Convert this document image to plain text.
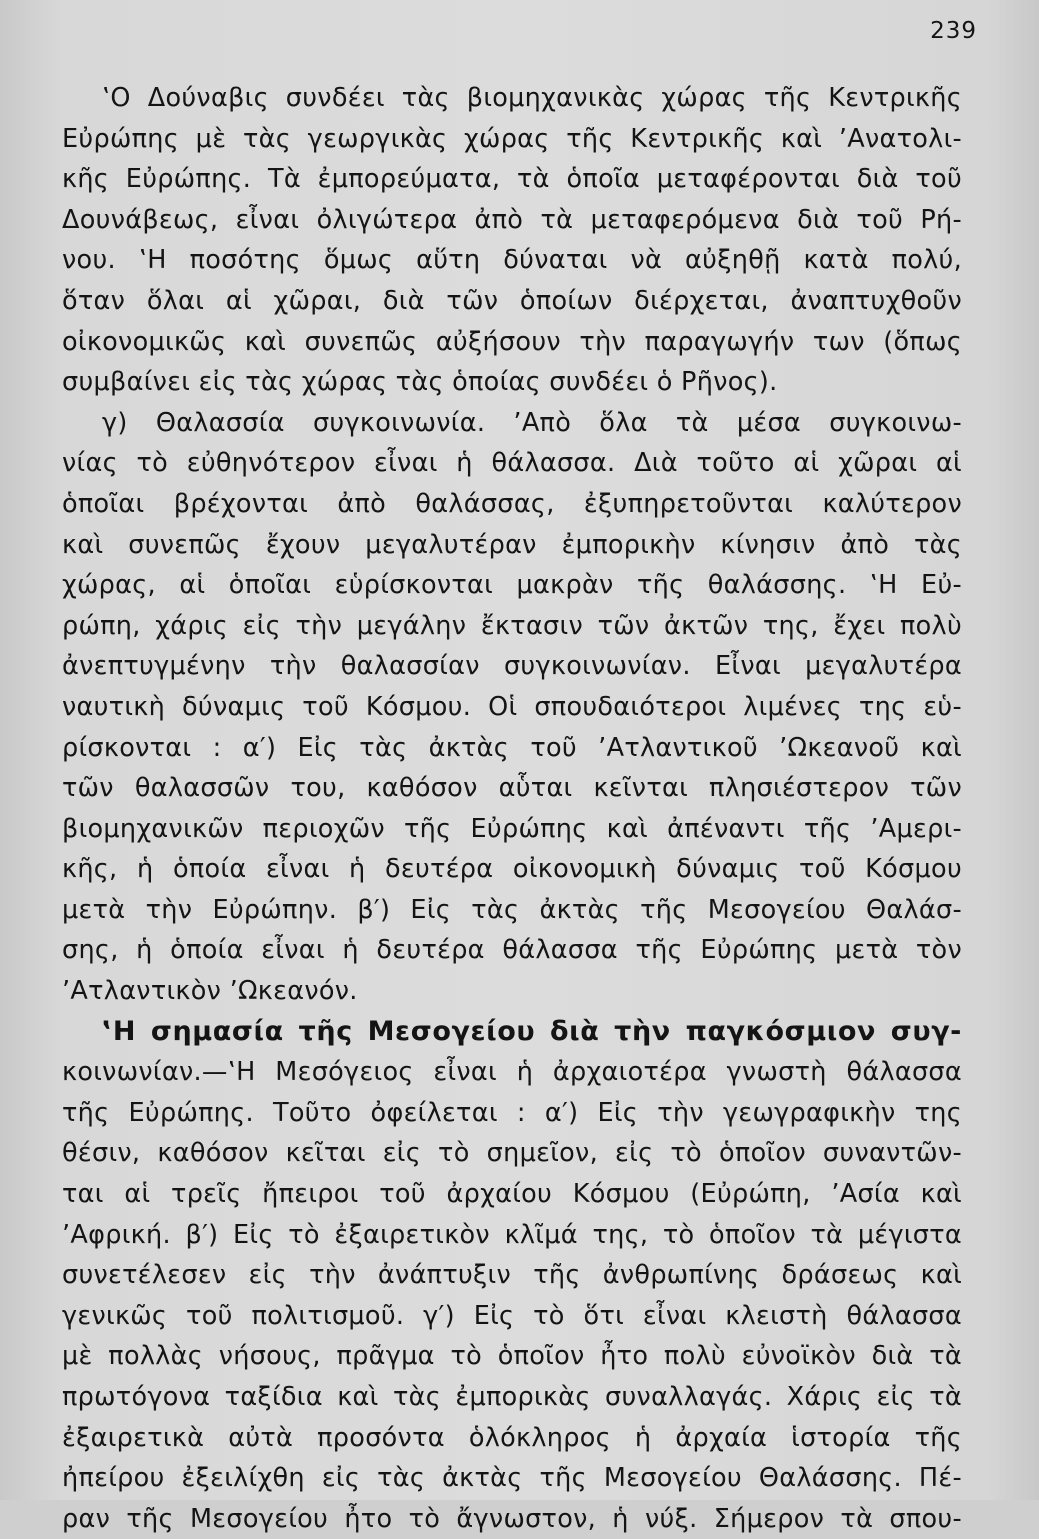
239
‛Ο Δούναβις συνδέει τὰς βιομηχανικὰς χώρας τῆς Κεντρικῆς
Εὐρώπης μὲ τὰς γεωργικὰς χώρας τῆς Κεντρικῆς καὶ ’Ανατολι-
κῆς Εὐρώπης. Τὰ ἐμπορεύματα, τὰ ὁποῖα μεταφέρονται διὰ τοῦ
Δουνάβεως, εἶναι ὀλιγώτερα ἀπὸ τὰ μεταφερόμενα διὰ τοῦ Ρή-
νου. ‛Η ποσότης ὅμως αὕτη δύναται νὰ αὐξηθῇ κατὰ πολύ,
ὅταν ὅλαι αἱ χῶραι, διὰ τῶν ὁποίων διέρχεται, ἀναπτυχθοῦν
οἰκονομικῶς καὶ συνεπῶς αὐξήσουν τὴν παραγωγήν των (ὅπως
συμβαίνει εἰς τὰς χώρας τὰς ὁποίας συνδέει ὁ Ρῆνος).
γ) Θαλασσία συγκοινωνία. ’Απὸ ὅλα τὰ μέσα συγκοινω-
νίας τὸ εὐθηνότερον εἶναι ἡ θάλασσα. Διὰ τοῦτο αἱ χῶραι αἱ
ὁποῖαι βρέχονται ἀπὸ θαλάσσας, ἐξυπηρετοῦνται καλύτερον
καὶ συνεπῶς ἔχουν μεγαλυτέραν ἐμπορικὴν κίνησιν ἀπὸ τὰς
χώρας, αἱ ὁποῖαι εὑρίσκονται μακρὰν τῆς θαλάσσης. ‛Η Εὐ-
ρώπη, χάρις εἰς τὴν μεγάλην ἔκτασιν τῶν ἀκτῶν της, ἔχει πολὺ
ἀνεπτυγμένην τὴν θαλασσίαν συγκοινωνίαν. Εἶναι μεγαλυτέρα
ναυτικὴ δύναμις τοῦ Κόσμου. Οἱ σπουδαιότεροι λιμένες της εὑ-
ρίσκονται : α′) Εἰς τὰς ἀκτὰς τοῦ ’Ατλαντικοῦ ’Ωκεανοῦ καὶ
τῶν θαλασσῶν του, καθόσον αὗται κεῖνται πλησιέστερον τῶν
βιομηχανικῶν περιοχῶν τῆς Εὐρώπης καὶ ἀπέναντι τῆς ’Αμερι-
κῆς, ἡ ὁποία εἶναι ἡ δευτέρα οἰκονομικὴ δύναμις τοῦ Κόσμου
μετὰ τὴν Εὐρώπην. β′) Εἰς τὰς ἀκτὰς τῆς Μεσογείου Θαλάσ-
σης, ἡ ὁποία εἶναι ἡ δευτέρα θάλασσα τῆς Εὐρώπης μετὰ τὸν
’Ατλαντικὸν ’Ωκεανόν.
‛Η σημασία τῆς Μεσογείου διὰ τὴν παγκόσμιον συγ-
κοινωνίαν.—‛Η Μεσόγειος εἶναι ἡ ἀρχαιοτέρα γνωστὴ θάλασσα
τῆς Εὐρώπης. Τοῦτο ὀφείλεται : α′) Εἰς τὴν γεωγραφικὴν της
θέσιν, καθόσον κεῖται εἰς τὸ σημεῖον, εἰς τὸ ὁποῖον συναντῶν-
ται αἱ τρεῖς ἤπειροι τοῦ ἀρχαίου Κόσμου (Εὐρώπη, ’Ασία καὶ
’Αφρική. β′) Εἰς τὸ ἐξαιρετικὸν κλῖμά της, τὸ ὁποῖον τὰ μέγιστα
συνετέλεσεν εἰς τὴν ἀνάπτυξιν τῆς ἀνθρωπίνης δράσεως καὶ
γενικῶς τοῦ πολιτισμοῦ. γ′) Εἰς τὸ ὅτι εἶναι κλειστὴ θάλασσα
μὲ πολλὰς νήσους, πρᾶγμα τὸ ὁποῖον ἦτο πολὺ εὐνοϊκὸν διὰ τὰ
πρωτόγονα ταξίδια καὶ τὰς ἐμπορικὰς συναλλαγάς. Χάρις εἰς τὰ
ἐξαιρετικὰ αὐτὰ προσόντα ὁλόκληρος ἡ ἀρχαία ἱστορία τῆς
ἠπείρου ἐξειλίχθη εἰς τὰς ἀκτὰς τῆς Μεσογείου Θαλάσσης. Πέ-
ραν τῆς Μεσογείου ἦτο τὸ ἄγνωστον, ἡ νύξ. Σήμερον τὰ σπου-
